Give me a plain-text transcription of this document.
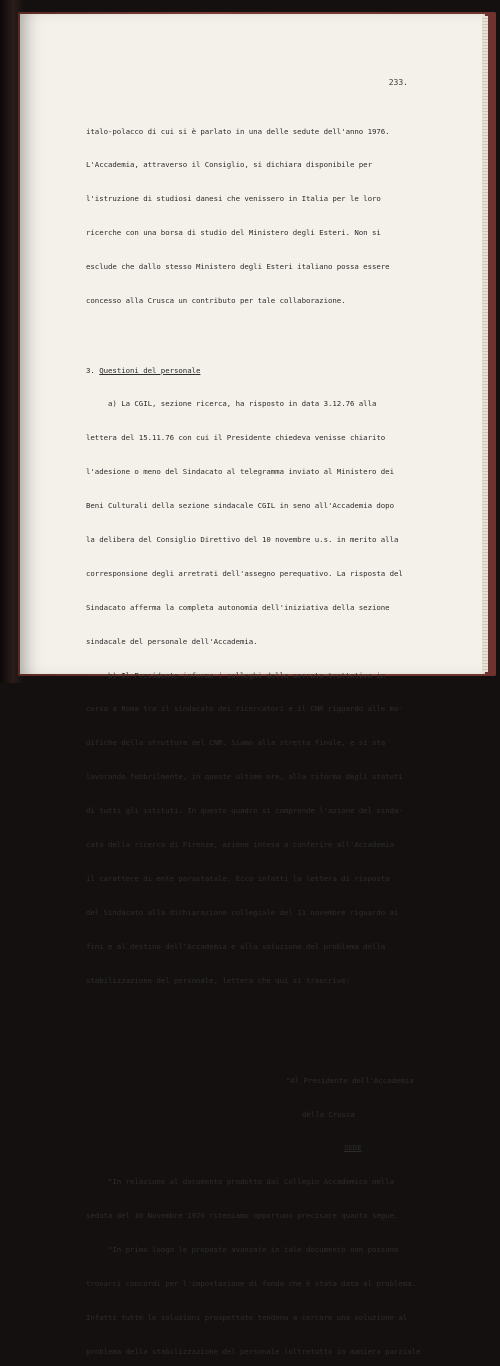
233.

italo-polacco di cui si è parlato in una delle sedute dell'anno 1976.

L'Accademia, attraverso il Consiglio, si dichiara disponibile per

l'istruzione di studiosi danesi che venissero in Italia per le loro

ricerche con una borsa di studio del Ministero degli Esteri. Non si

esclude che dallo stesso Ministero degli Esteri italiano possa essere

concesso alla Crusca un contributo per tale collaborazione.

3. Questioni del personale

a) La CGIL, sezione ricerca, ha risposto in data 3.12.76 alla

lettera del 15.11.76 con cui il Presidente chiedeva venisse chiarito

l'adesione o meno del Sindacato al telegramma inviato al Ministero dei

Beni Culturali della sezione sindacale CGIL in seno all'Accademia dopo

la delibera del Consiglio Direttivo del 10 novembre u.s. in merito alla

corresponsione degli arretrati dell'assegno perequativo. La risposta del

Sindacato afferma la completa autonomia dell'iniziativa della sezione

sindacale del personale dell'Accademia.

b) Il Presidente informa i colleghi della serrata trattativa in

corso a Roma tra il sindacato dei ricercatori e il CNR riguardo alle mo-

difiche della struttura del CNR. Siamo alla stretta finale, e si sta

lavorando febbrilmente, in queste ultime ore, alla riforma degli statuti

di tutti gli istituti. In questo quadro si comprende l'azione del sinda-

cato della ricerca di Firenze, azione intesa a conferire all'Accademia

il carattere di ente parastatale. Ecco infatti la lettera di risposta

del Sindacato alla dichiarazione collegiale del 11 novembre riguardo ai

fini e al destino dell'Accademia e alla soluzione del problema della

stabilizzazione del personale, lettera che qui si trascrive:

"Al Presidente dell'Accademia

della Crusca

SEDE

"In relazione al documento prodotto dal Collegio Accademico nella

seduta del 10 Novembre 1976 riteniamo opportuno precisare quanto segue.

"In primo luogo le proposte avanzate in tale documento non possono

trovarci concordi per l'impostazione di fondo che è stata data al problema.

Infatti tutte le soluzioni prospettate tendono a cercare una soluzione al

problema della stabilizzazione del personale (oltretutto in maniera parziale
